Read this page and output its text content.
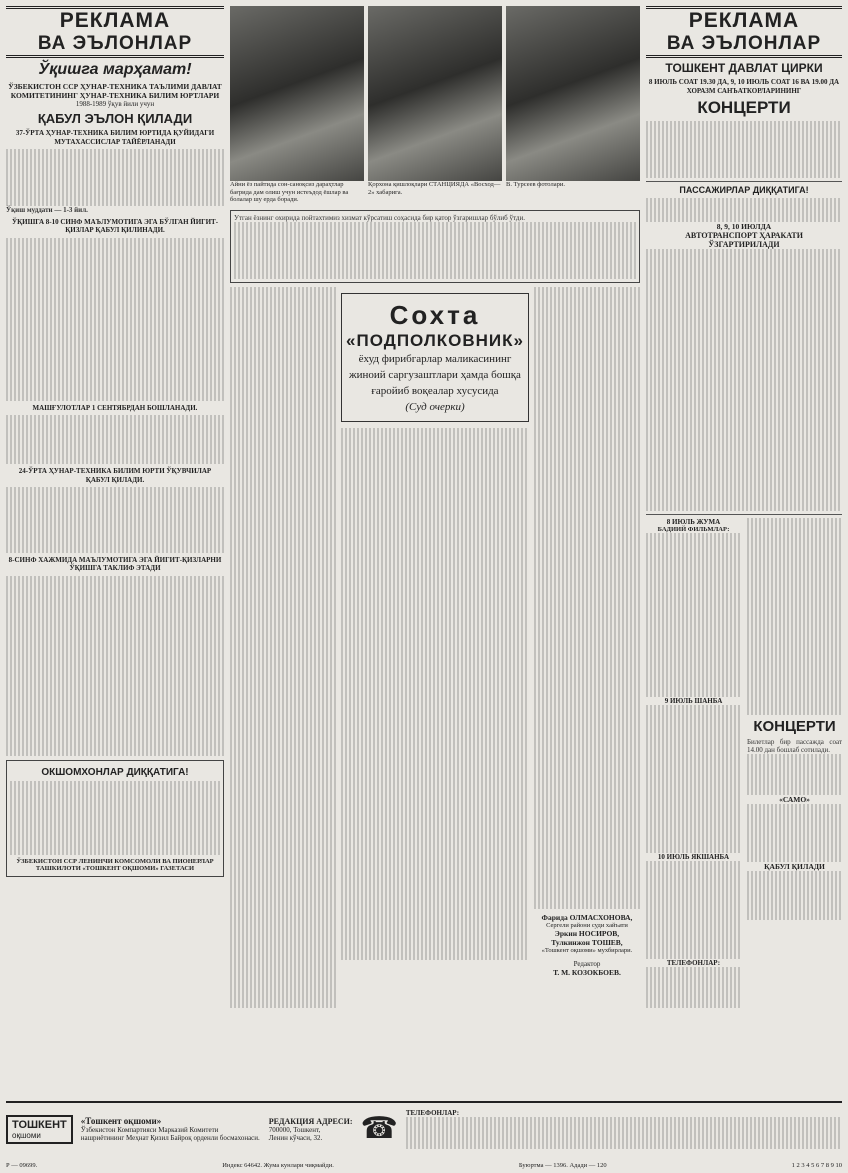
РЕКЛАМА
ВА ЭЪЛОНЛАР
Ўқишга марҳамат!
ЎЗБЕКИСТОН ССР ҲУНАР-ТЕХНИКА ТАЪЛИМИ ДАВЛАТ КОМИТЕТИНИНГ ҲУНАР-ТЕХНИКА БИЛИМ ЮРТЛАРИ
1988-1989 ўқув йили учун
ҚАБУЛ ЭЪЛОН ҚИЛАДИ
37-ЎРТА ҲУНАР-ТЕХНИКА БИЛИМ ЮРТИДА ҚУЙИДАГИ МУТАХАССИСЛАР ТАЙЁРЛАНАДИ
Ўқиш муддати — 1-3 йил.
ЎҚИШГА 8-10 СИНФ МАЪЛУМОТИГА ЭГА БЎЛГАН ЙИГИТ-ҚИЗЛАР ҚАБУЛ ҚИЛИНАДИ.
МАШҒУЛОТЛАР 1 СЕНТЯБРДАН БОШЛАНАДИ.
24-ЎРТА ҲУНАР-ТЕХНИКА БИЛИМ ЮРТИ ЎҚУВЧИЛАР ҚАБУЛ ҚИЛАДИ.
8-СИНФ ХАЖМИДА МАЪЛУМОТИГА ЭГА ЙИГИТ-ҚИЗЛАРНИ ЎҚИШГА ТАКЛИФ ЭТАДИ
ОКШОМХОНЛАР ДИҚҚАТИГА!
ЎЗБЕКИСТОН ССР ЛЕНИНЧИ КОМСОМОЛИ ВА ПИОНЕРЛАР ТАШКИЛОТИ «ТОШКЕНТ ОҚШОМИ» ГАЗЕТАСИ
Айни ёз пайтида сон-саноқсиз дараҳтлар бағрида дам олиш учун истеъдод ёшлар ва болалар шу ерда боради.
Қорхона қишлоқлари СТАНЦИЯДА «Восход—2» хабарига.
В. Турсеев фотолари.
Утган ёзнинг охирида пойтахтимиз хизмат кўрсатиш соҳасида бир қатор ўзгаришлар бўлиб ўтди.
Сохта
«ПОДПОЛКОВНИК»
ёхуд фирибгарлар маликасининг жиноий саргузаштлари ҳамда бошқа ғаройиб воқеалар хусусида
(Суд очерки)
Фарида ОЛМАСХОНОВА,
Сергели райони суди хайъати
Эркин НОСИРОВ,
Тулкинжон ТОШЕВ,
«Тошкент оқшоми» мухбирлари.
Редактор
Т. М. КОЗОКБОЕВ.
РЕКЛАМА
ВА ЭЪЛОНЛАР
ТОШКЕНТ ДАВЛАТ ЦИРКИ
8 ИЮЛЬ СОАТ 19.30 ДА, 9, 10 ИЮЛЬ СОАТ 16 ВА 19.00 ДА
ХОРАЗМ САНЪАТКОРЛАРИНИНГ
КОНЦЕРТИ
ПАССАЖИРЛАР ДИҚҚАТИГА!
8, 9, 10 ИЮЛДА
АВТОТРАНСПОРТ ҲАРАКАТИ
ЎЗГАРТИРИЛАДИ
8 ИЮЛЬ ЖУМА
БАДИИЙ ФИЛЬМЛАР:
9 ИЮЛЬ ШАНБА
10 ИЮЛЬ ЯКШАНБА
ТЕЛЕФОНЛАР:
КОНЦЕРТИ
Билетлар бир пассажда соат 14.00 дан бошлаб сотилади.
«САМО»
ҚАБУЛ ҚИЛАДИ
ТОШКЕНТ
оқшоми
«Тошкент оқшоми»
Ўзбекистон Компартияси Марказий Комитети нашриётининг Меҳнат Қизил Байроқ орденли босмахонаси.
РЕДАКЦИЯ АДРЕСИ:
700000, Тошкент,
Ленин кўчаси, 32.	☎ ТЕЛЕФОНЛАР:
Р — 09699.	Индекс 64642. Жума кунлари чиқмайди.	Буюртма — 1396. Адади — 120	1 2 3 4 5 6 7 8 9 10
